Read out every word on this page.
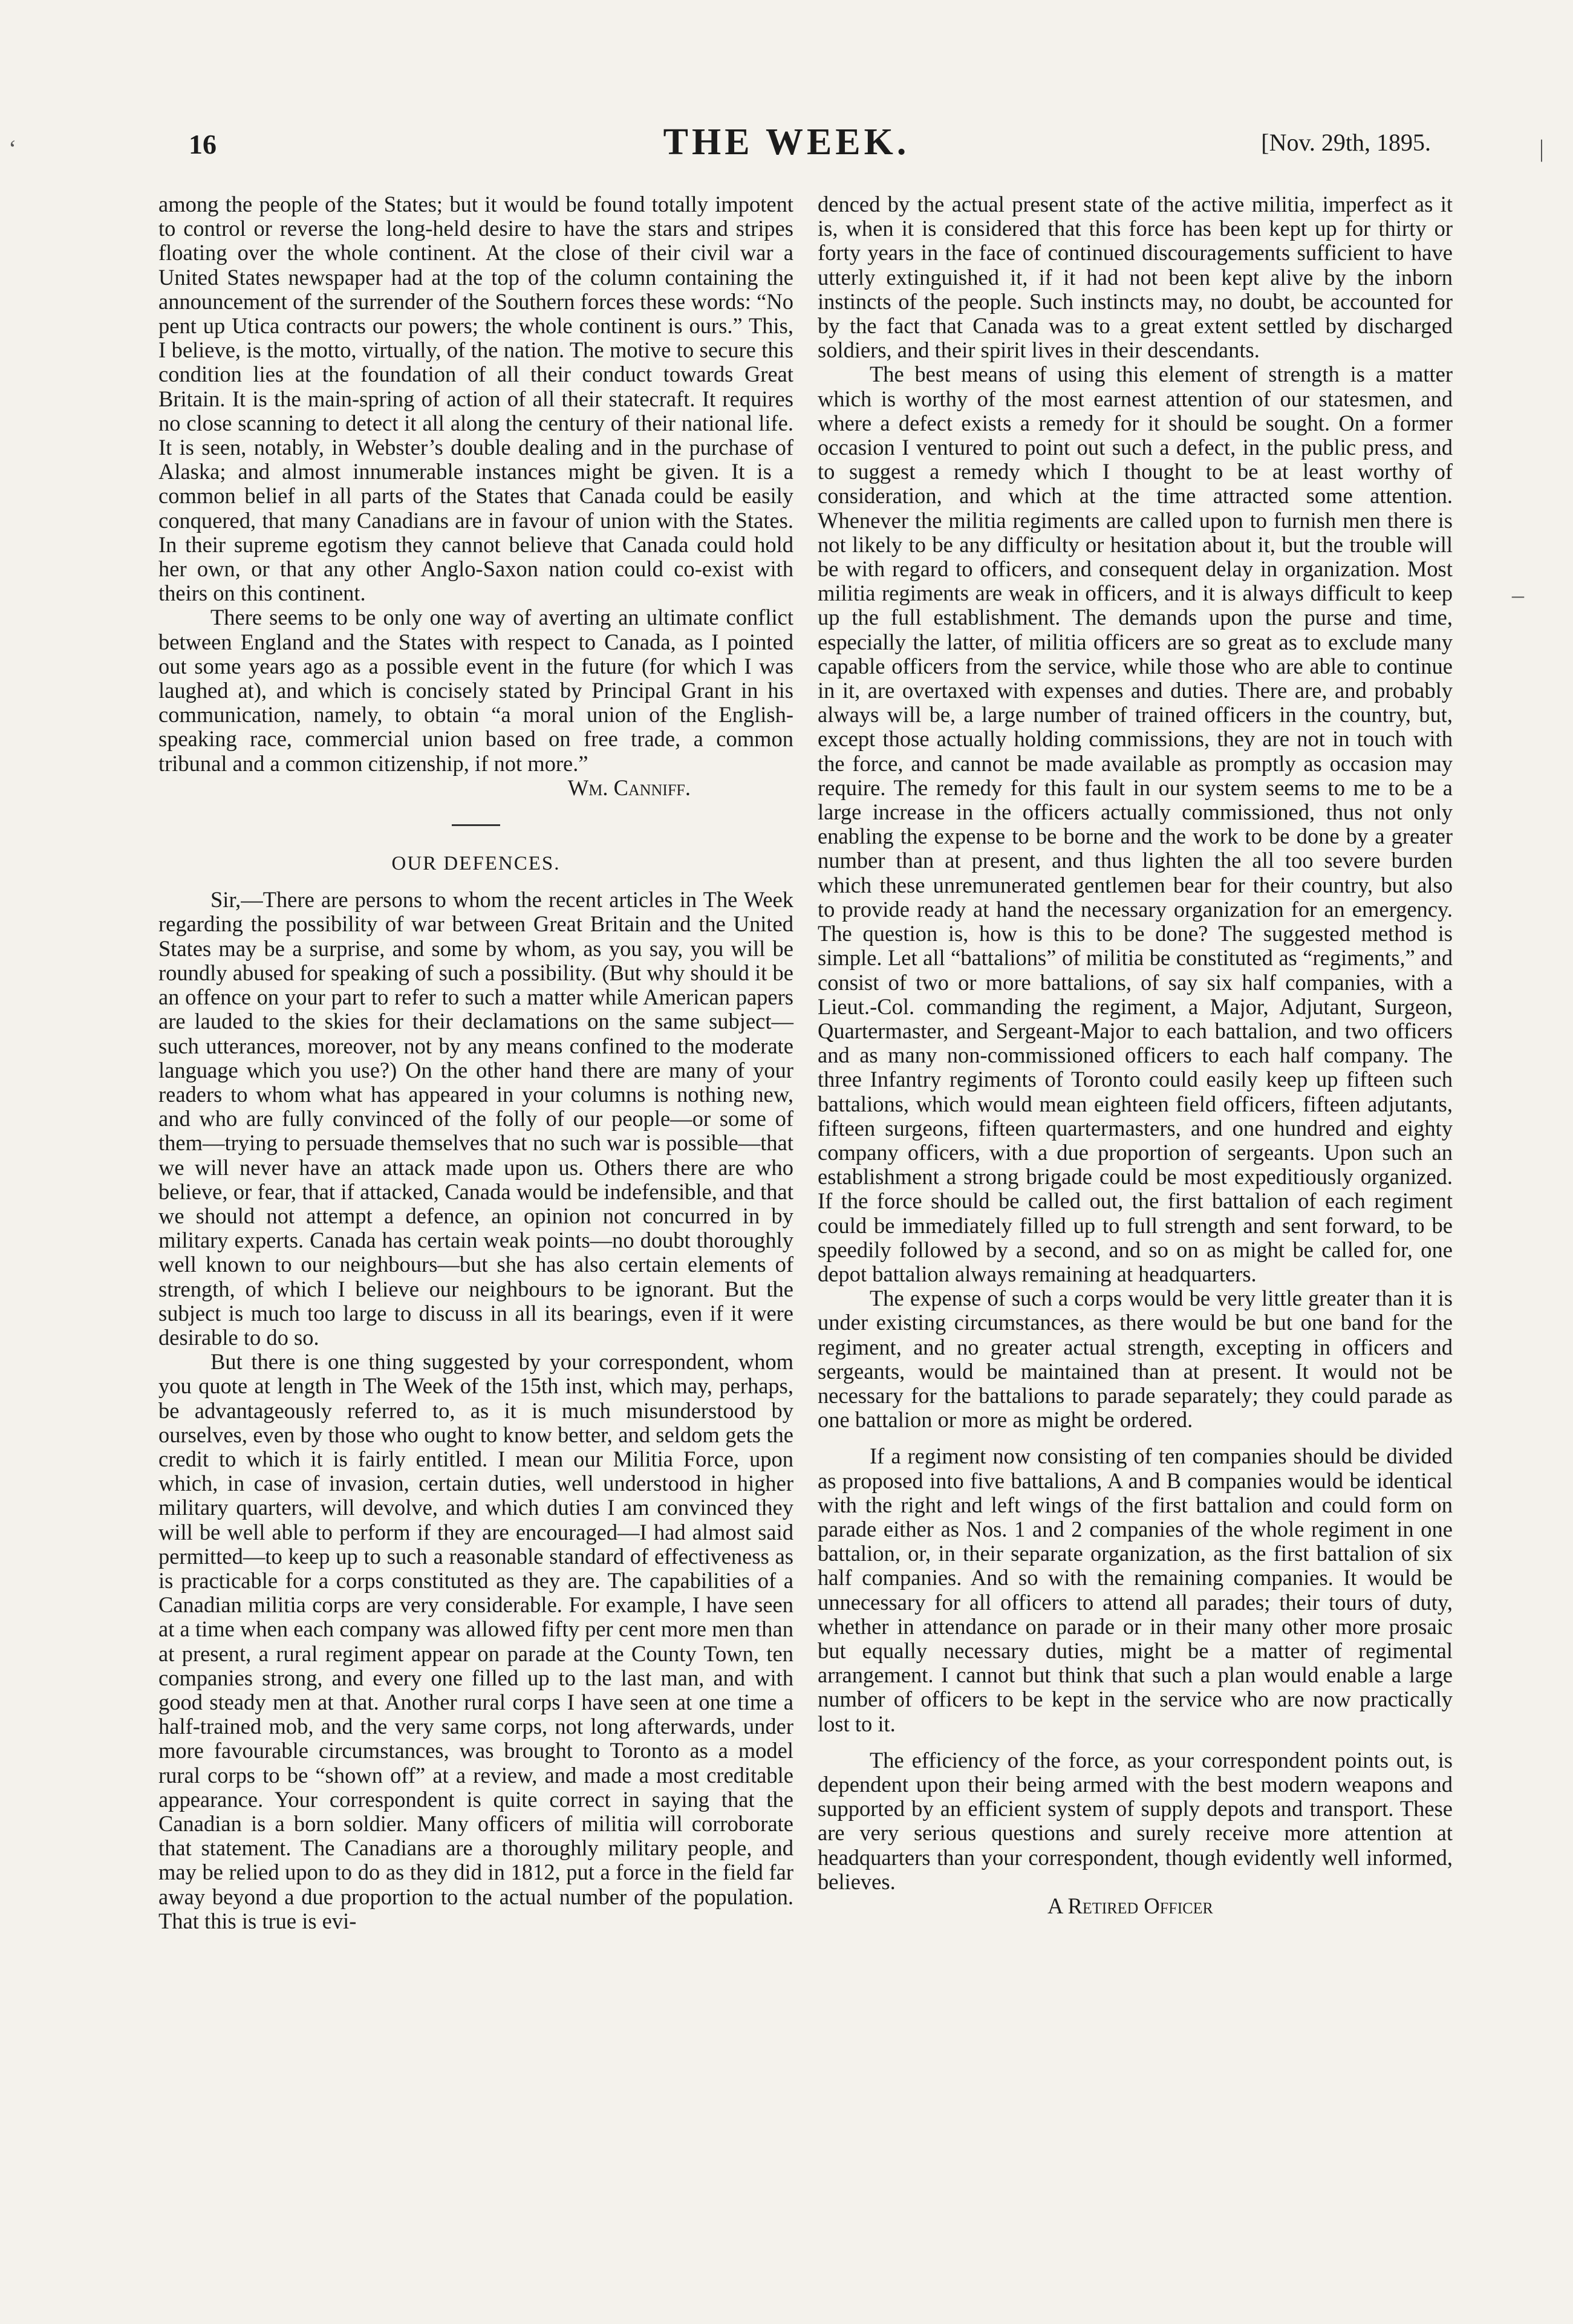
16	THE WEEK.	[Nov. 29th, 1895.
‘	|
–

among the people of the States; but it would be found totally impotent to control or reverse the long-held desire to have the stars and stripes floating over the whole continent. At the close of their civil war a United States newspaper had at the top of the column containing the announcement of the surrender of the Southern forces these words: “No pent up Utica contracts our powers; the whole continent is ours.” This, I believe, is the motto, virtually, of the nation. The motive to secure this condition lies at the foundation of all their conduct towards Great Britain. It is the main-spring of action of all their statecraft. It requires no close scanning to detect it all along the century of their national life. It is seen, notably, in Webster’s double dealing and in the purchase of Alaska; and almost innumerable instances might be given. It is a common belief in all parts of the States that Canada could be easily conquered, that many Canadians are in favour of union with the States. In their supreme egotism they cannot believe that Canada could hold her own, or that any other Anglo-Saxon nation could co-exist with theirs on this continent.

There seems to be only one way of averting an ultimate conflict between England and the States with respect to Canada, as I pointed out some years ago as a possible event in the future (for which I was laughed at), and which is concisely stated by Principal Grant in his communication, namely, to obtain “a moral union of the English-speaking race, commercial union based on free trade, a common tribunal and a common citizenship, if not more.”

Wm. Canniff.

OUR DEFENCES.

Sir,—There are persons to whom the recent articles in The Week regarding the possibility of war between Great Britain and the United States may be a surprise, and some by whom, as you say, you will be roundly abused for speaking of such a possibility. (But why should it be an offence on your part to refer to such a matter while American papers are lauded to the skies for their declamations on the same subject—such utterances, moreover, not by any means confined to the moderate language which you use?) On the other hand there are many of your readers to whom what has appeared in your columns is nothing new, and who are fully convinced of the folly of our people—or some of them—trying to persuade themselves that no such war is possible—that we will never have an attack made upon us. Others there are who believe, or fear, that if attacked, Canada would be indefensible, and that we should not attempt a defence, an opinion not concurred in by military experts. Canada has certain weak points—no doubt thoroughly well known to our neighbours—but she has also certain elements of strength, of which I believe our neighbours to be ignorant. But the subject is much too large to discuss in all its bearings, even if it were desirable to do so.

But there is one thing suggested by your correspondent, whom you quote at length in The Week of the 15th inst, which may, perhaps, be advantageously referred to, as it is much misunderstood by ourselves, even by those who ought to know better, and seldom gets the credit to which it is fairly entitled. I mean our Militia Force, upon which, in case of invasion, certain duties, well understood in higher military quarters, will devolve, and which duties I am convinced they will be well able to perform if they are encouraged—I had almost said permitted—to keep up to such a reasonable standard of effectiveness as is practicable for a corps constituted as they are. The capabilities of a Canadian militia corps are very considerable. For example, I have seen at a time when each company was allowed fifty per cent more men than at present, a rural regiment appear on parade at the County Town, ten companies strong, and every one filled up to the last man, and with good steady men at that. Another rural corps I have seen at one time a half-trained mob, and the very same corps, not long afterwards, under more favourable circumstances, was brought to Toronto as a model rural corps to be “shown off” at a review, and made a most creditable appearance. Your correspondent is quite correct in saying that the Canadian is a born soldier. Many officers of militia will corroborate that statement. The Canadians are a thoroughly military people, and may be relied upon to do as they did in 1812, put a force in the field far away beyond a due proportion to the actual number of the population. That this is true is evi-

denced by the actual present state of the active militia, imperfect as it is, when it is considered that this force has been kept up for thirty or forty years in the face of continued discouragements sufficient to have utterly extinguished it, if it had not been kept alive by the inborn instincts of the people. Such instincts may, no doubt, be accounted for by the fact that Canada was to a great extent settled by discharged soldiers, and their spirit lives in their descendants.

The best means of using this element of strength is a matter which is worthy of the most earnest attention of our statesmen, and where a defect exists a remedy for it should be sought. On a former occasion I ventured to point out such a defect, in the public press, and to suggest a remedy which I thought to be at least worthy of consideration, and which at the time attracted some attention. Whenever the militia regiments are called upon to furnish men there is not likely to be any difficulty or hesitation about it, but the trouble will be with regard to officers, and consequent delay in organization. Most militia regiments are weak in officers, and it is always difficult to keep up the full establishment. The demands upon the purse and time, especially the latter, of militia officers are so great as to exclude many capable officers from the service, while those who are able to continue in it, are overtaxed with expenses and duties. There are, and probably always will be, a large number of trained officers in the country, but, except those actually holding commissions, they are not in touch with the force, and cannot be made available as promptly as occasion may require. The remedy for this fault in our system seems to me to be a large increase in the officers actually commissioned, thus not only enabling the expense to be borne and the work to be done by a greater number than at present, and thus lighten the all too severe burden which these unremunerated gentlemen bear for their country, but also to provide ready at hand the necessary organization for an emergency. The question is, how is this to be done? The suggested method is simple. Let all “battalions” of militia be constituted as “regiments,” and consist of two or more battalions, of say six half companies, with a Lieut.-Col. commanding the regiment, a Major, Adjutant, Surgeon, Quartermaster, and Sergeant-Major to each battalion, and two officers and as many non-commissioned officers to each half company. The three Infantry regiments of Toronto could easily keep up fifteen such battalions, which would mean eighteen field officers, fifteen adjutants, fifteen surgeons, fifteen quartermasters, and one hundred and eighty company officers, with a due proportion of sergeants. Upon such an establishment a strong brigade could be most expeditiously organized. If the force should be called out, the first battalion of each regiment could be immediately filled up to full strength and sent forward, to be speedily followed by a second, and so on as might be called for, one depot battalion always remaining at headquarters.

The expense of such a corps would be very little greater than it is under existing circumstances, as there would be but one band for the regiment, and no greater actual strength, excepting in officers and sergeants, would be maintained than at present. It would not be necessary for the battalions to parade separately; they could parade as one battalion or more as might be ordered.

If a regiment now consisting of ten companies should be divided as proposed into five battalions, A and B companies would be identical with the right and left wings of the first battalion and could form on parade either as Nos. 1 and 2 companies of the whole regiment in one battalion, or, in their separate organization, as the first battalion of six half companies. And so with the remaining companies. It would be unnecessary for all officers to attend all parades; their tours of duty, whether in attendance on parade or in their many other more prosaic but equally necessary duties, might be a matter of regimental arrangement. I cannot but think that such a plan would enable a large number of officers to be kept in the service who are now practically lost to it.

The efficiency of the force, as your correspondent points out, is dependent upon their being armed with the best modern weapons and supported by an efficient system of supply depots and transport. These are very serious questions and surely receive more attention at headquarters than your correspondent, though evidently well informed, believes.

A Retired Officer
